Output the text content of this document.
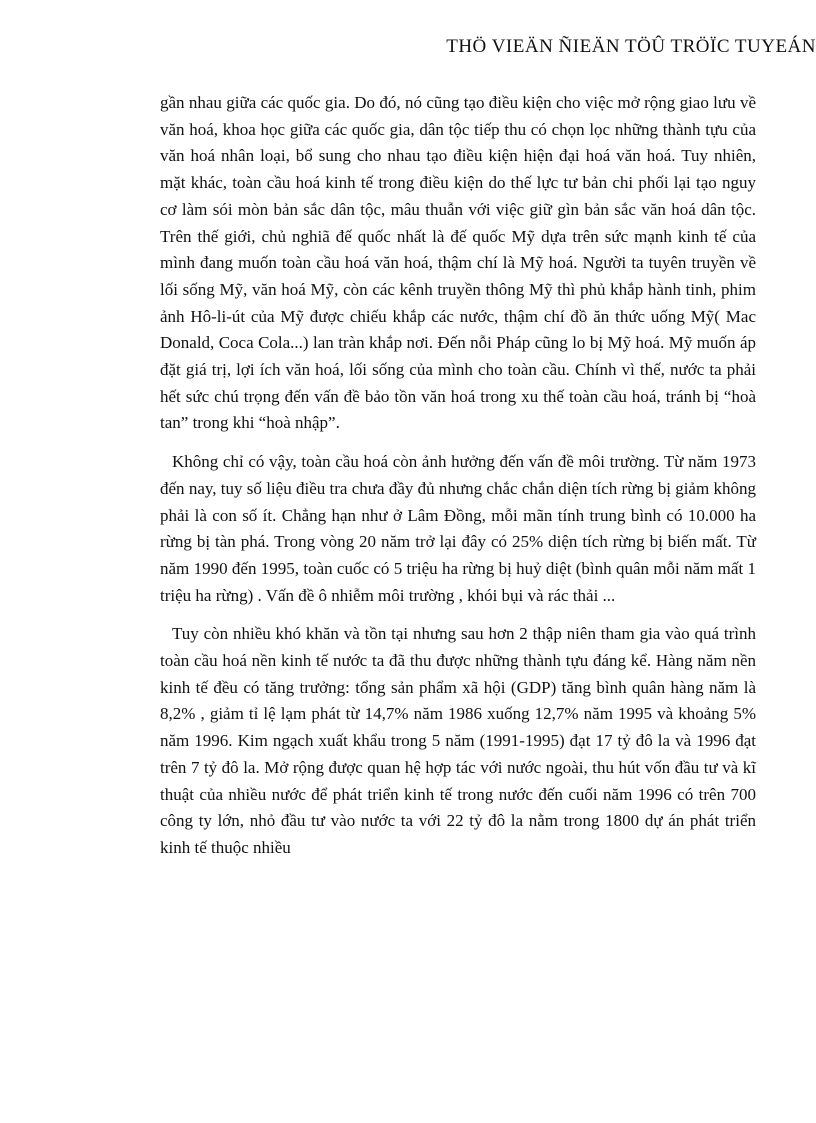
THÖ VIEÄN ÑIEÄN TÖÛ TRÖÏC TUYEÁN

gần nhau giữa các quốc gia. Do đó, nó cũng tạo điều kiện cho việc mở rộng giao lưu về văn hoá, khoa học giữa các quốc gia, dân tộc tiếp thu có chọn lọc những thành tựu của văn hoá nhân loại, bổ sung cho nhau tạo điều kiện hiện đại hoá văn hoá. Tuy nhiên, mặt khác, toàn cầu hoá kinh tế trong điều kiện do thế lực tư bản chi phối lại tạo nguy cơ làm sói mòn bản sắc dân tộc, mâu thuẫn với việc giữ gìn bản sắc văn hoá dân tộc. Trên thế giới, chủ nghiã đế quốc nhất là đế quốc Mỹ dựa trên sức mạnh kinh tế của mình đang muốn toàn cầu hoá văn hoá, thậm chí là Mỹ hoá. Người ta tuyên truyền về lối sống Mỹ, văn hoá Mỹ, còn các kênh truyền thông Mỹ thì phủ khắp hành tinh, phim ảnh Hô-li-út của Mỹ được chiếu khắp các nước, thậm chí đồ ăn thức uống Mỹ( Mac Donald, Coca Cola...) lan tràn khắp nơi. Đến nỗi Pháp cũng lo bị Mỹ hoá. Mỹ muốn áp đặt giá trị, lợi ích văn hoá, lối sống của mình cho toàn cầu. Chính vì thế, nước ta phải hết sức chú trọng đến vấn đề bảo tồn văn hoá trong xu thế toàn cầu hoá, tránh bị “hoà tan” trong khi “hoà nhập”.

Không chỉ có vậy, toàn cầu hoá còn ảnh hưởng đến vấn đề môi trường. Từ năm 1973 đến nay, tuy số liệu điều tra chưa đầy đủ nhưng chắc chắn diện tích rừng bị giảm không phải là con số ít. Chẳng hạn như ở Lâm Đồng, mỗi mãn tính trung bình có 10.000 ha rừng bị tàn phá. Trong vòng 20 năm trở lại đây có 25% diện tích rừng bị biến mất. Từ năm 1990 đến 1995, toàn cuốc có 5 triệu ha rừng bị huỷ diệt (bình quân mỗi năm mất 1 triệu ha rừng) . Vấn đề ô nhiễm môi trường , khói bụi và rác thải ...

Tuy còn nhiều khó khăn và tồn tại nhưng sau hơn 2 thập niên tham gia vào quá trình toàn cầu hoá nền kinh tế nước ta đã thu được những thành tựu đáng kể. Hàng năm nền kinh tế đều có tăng trưởng: tổng sản phẩm xã hội (GDP) tăng bình quân hàng năm là 8,2% , giảm tỉ lệ lạm phát từ 14,7% năm 1986 xuống 12,7% năm 1995 và khoảng 5% năm 1996. Kim ngạch xuất khẩu trong 5 năm (1991-1995) đạt 17 tỷ đô la và 1996 đạt trên 7 tỷ đô la. Mở rộng được quan hệ hợp tác với nước ngoài, thu hút vốn đầu tư và kĩ thuật của nhiều nước để phát triển kinh tế trong nước đến cuối năm 1996 có trên 700 công ty lớn, nhỏ đầu tư vào nước ta với 22 tỷ đô la nằm trong 1800 dự án phát triển kinh tế thuộc nhiều
